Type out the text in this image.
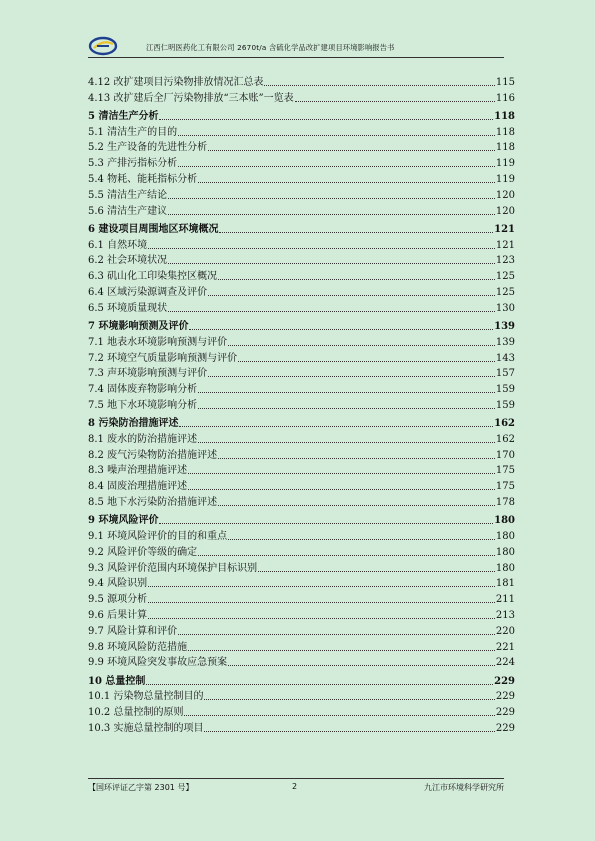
江西仁明医药化工有限公司 2670t/a 含硫化学品改扩建项目环境影响报告书
4.12 改扩建项目污染物排放情况汇总表	115
4.13 改扩建后全厂污染物排放“三本账”一览表	116
5 清洁生产分析	118
5.1 清洁生产的目的	118
5.2 生产设备的先进性分析	118
5.3 产排污指标分析	119
5.4 物耗、能耗指标分析	119
5.5 清洁生产结论	120
5.6 清洁生产建议	120
6 建设项目周围地区环境概况	121
6.1 自然环境	121
6.2 社会环境状况	123
6.3 矶山化工印染集控区概况	125
6.4 区域污染源调查及评价	125
6.5 环境质量现状	130
7 环境影响预测及评价	139
7.1 地表水环境影响预测与评价	139
7.2 环境空气质量影响预测与评价	143
7.3 声环境影响预测与评价	157
7.4 固体废弃物影响分析	159
7.5 地下水环境影响分析	159
8 污染防治措施评述	162
8.1 废水的防治措施评述	162
8.2 废气污染物防治措施评述	170
8.3 噪声治理措施评述	175
8.4 固废治理措施评述	175
8.5 地下水污染防治措施评述	178
9 环境风险评价	180
9.1 环境风险评价的目的和重点	180
9.2 风险评价等级的确定	180
9.3 风险评价范围内环境保护目标识别	180
9.4 风险识别	181
9.5 源项分析	211
9.6 后果计算	213
9.7 风险计算和评价	220
9.8 环境风险防范措施	221
9.9 环境风险突发事故应急预案	224
10 总量控制	229
10.1 污染物总量控制目的	229
10.2 总量控制的原则	229
10.3 实施总量控制的项目	229
【国环评证乙字第 2301 号】	2	九江市环境科学研究所
